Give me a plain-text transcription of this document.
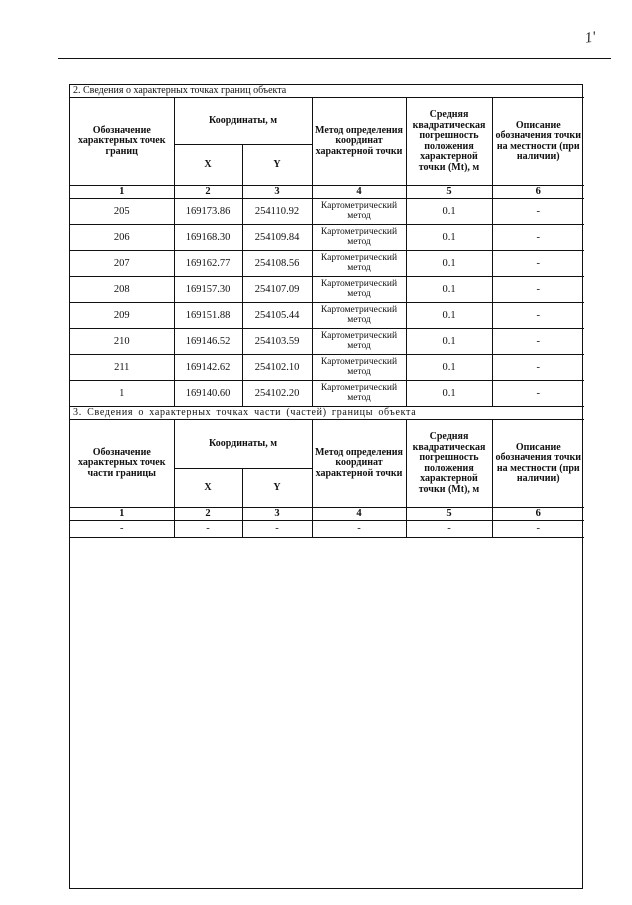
1'
2. Сведения о характерных точках границ объекта					
Обозначение характерных точек границ	Координаты, м		Метод определения координат характерной точки	Средняя квадратическая погрешность положения характерной точки (Mt), м	Описание обозначения точки на местности (при наличии)
	X	Y			
1	2	3	4	5	6
205	169173.86	254110.92	Картометрический метод	0.1	-
206	169168.30	254109.84	Картометрический метод	0.1	-
207	169162.77	254108.56	Картометрический метод	0.1	-
208	169157.30	254107.09	Картометрический метод	0.1	-
209	169151.88	254105.44	Картометрический метод	0.1	-
210	169146.52	254103.59	Картометрический метод	0.1	-
211	169142.62	254102.10	Картометрический метод	0.1	-
1	169140.60	254102.20	Картометрический метод	0.1	-
3. Сведения о характерных точках части (частей) границы объекта					
Обозначение характерных точек части границы	Координаты, м		Метод определения координат характерной точки	Средняя квадратическая погрешность положения характерной точки (Mt), м	Описание обозначения точки на местности (при наличии)
	X	Y			
1	2	3	4	5	6
-	-	-	-	-	-
